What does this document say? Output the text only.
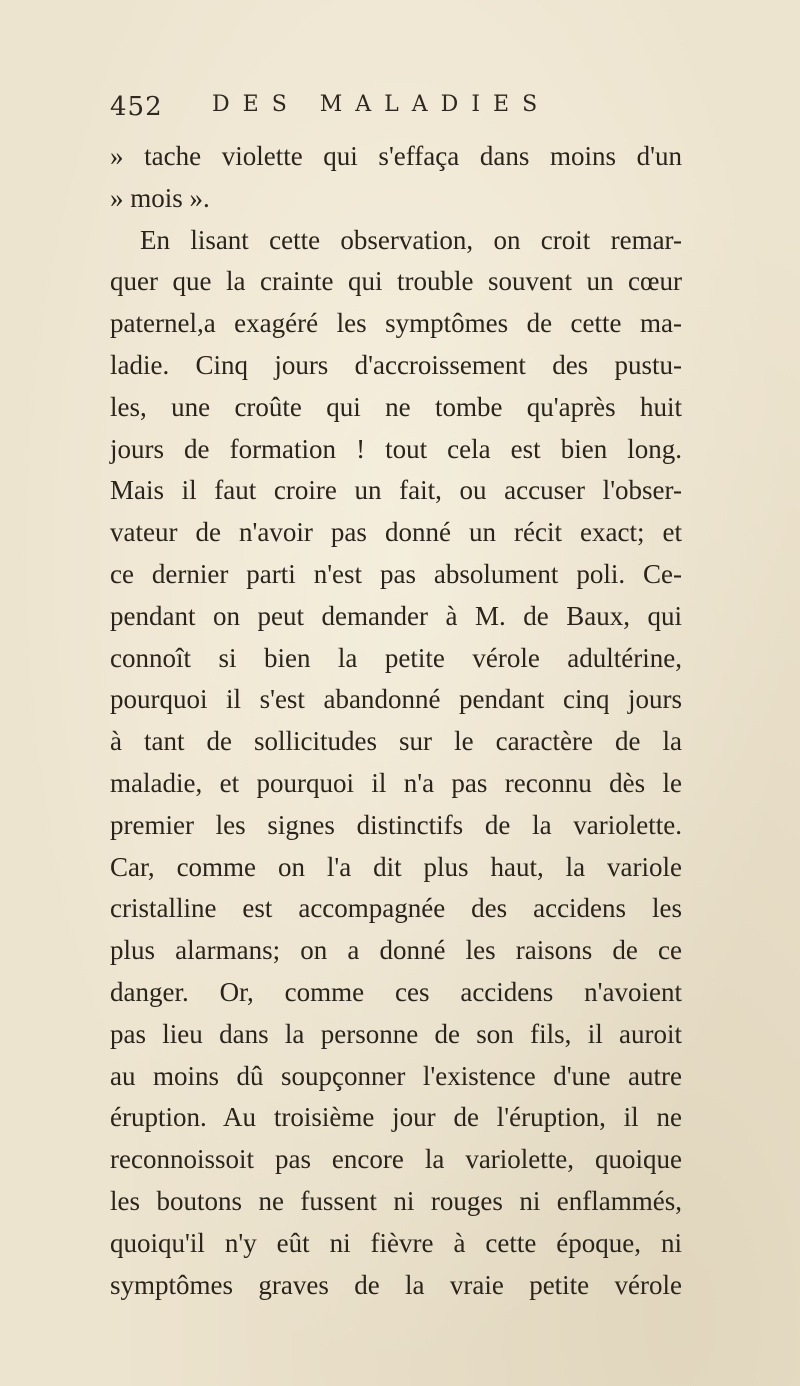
452 DES MALADIES
» tache violette qui s'effaça dans moins d'un
» mois ».
En lisant cette observation, on croit remar-
quer que la crainte qui trouble souvent un cœur
paternel,a exagéré les symptômes de cette ma-
ladie. Cinq jours d'accroissement des pustu-
les, une croûte qui ne tombe qu'après huit
jours de formation ! tout cela est bien long.
Mais il faut croire un fait, ou accuser l'obser-
vateur de n'avoir pas donné un récit exact; et
ce dernier parti n'est pas absolument poli. Ce-
pendant on peut demander à M. de Baux, qui
connoît si bien la petite vérole adultérine,
pourquoi il s'est abandonné pendant cinq jours
à tant de sollicitudes sur le caractère de la
maladie, et pourquoi il n'a pas reconnu dès le
premier les signes distinctifs de la variolette.
Car, comme on l'a dit plus haut, la variole
cristalline est accompagnée des accidens les
plus alarmans; on a donné les raisons de ce
danger. Or, comme ces accidens n'avoient
pas lieu dans la personne de son fils, il auroit
au moins dû soupçonner l'existence d'une autre
éruption. Au troisième jour de l'éruption, il ne
reconnoissoit pas encore la variolette, quoique
les boutons ne fussent ni rouges ni enflammés,
quoiqu'il n'y eût ni fièvre à cette époque, ni
symptômes graves de la vraie petite vérole
